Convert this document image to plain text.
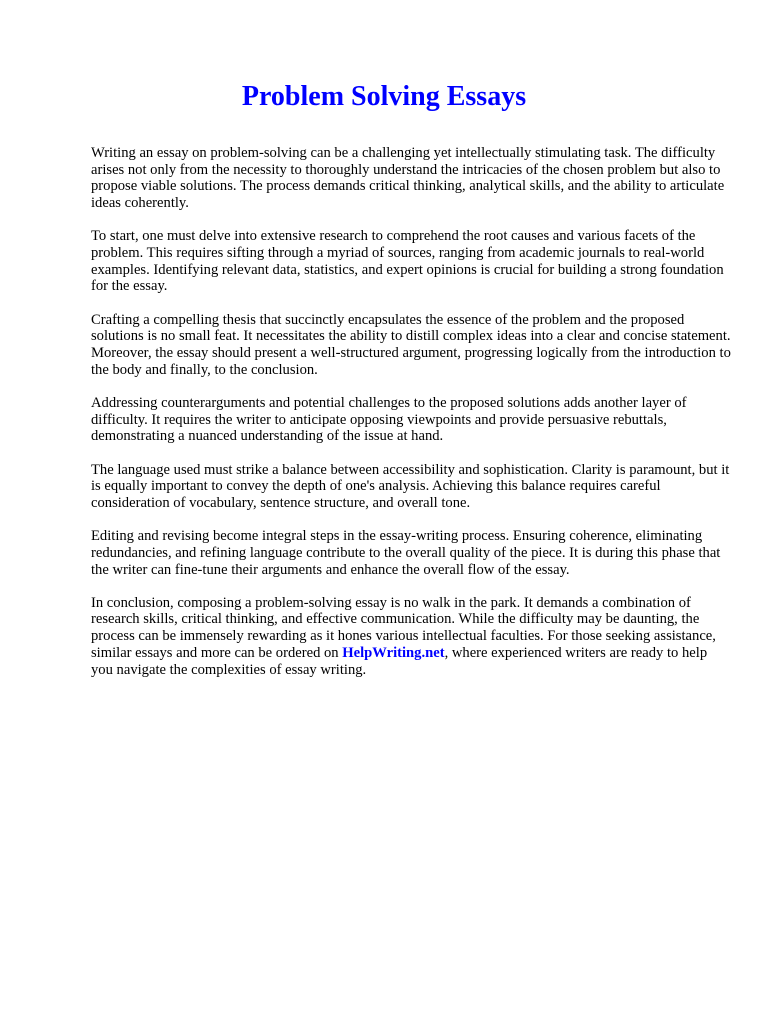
Problem Solving Essays

Writing an essay on problem-solving can be a challenging yet intellectually stimulating task. The difficulty arises not only from the necessity to thoroughly understand the intricacies of the chosen problem but also to propose viable solutions. The process demands critical thinking, analytical skills, and the ability to articulate ideas coherently.

To start, one must delve into extensive research to comprehend the root causes and various facets of the problem. This requires sifting through a myriad of sources, ranging from academic journals to real-world examples. Identifying relevant data, statistics, and expert opinions is crucial for building a strong foundation for the essay.

Crafting a compelling thesis that succinctly encapsulates the essence of the problem and the proposed solutions is no small feat. It necessitates the ability to distill complex ideas into a clear and concise statement. Moreover, the essay should present a well-structured argument, progressing logically from the introduction to the body and finally, to the conclusion.

Addressing counterarguments and potential challenges to the proposed solutions adds another layer of difficulty. It requires the writer to anticipate opposing viewpoints and provide persuasive rebuttals, demonstrating a nuanced understanding of the issue at hand.

The language used must strike a balance between accessibility and sophistication. Clarity is paramount, but it is equally important to convey the depth of one's analysis. Achieving this balance requires careful consideration of vocabulary, sentence structure, and overall tone.

Editing and revising become integral steps in the essay-writing process. Ensuring coherence, eliminating redundancies, and refining language contribute to the overall quality of the piece. It is during this phase that the writer can fine-tune their arguments and enhance the overall flow of the essay.

In conclusion, composing a problem-solving essay is no walk in the park. It demands a combination of research skills, critical thinking, and effective communication. While the difficulty may be daunting, the process can be immensely rewarding as it hones various intellectual faculties. For those seeking assistance, similar essays and more can be ordered on HelpWriting.net, where experienced writers are ready to help you navigate the complexities of essay writing.
